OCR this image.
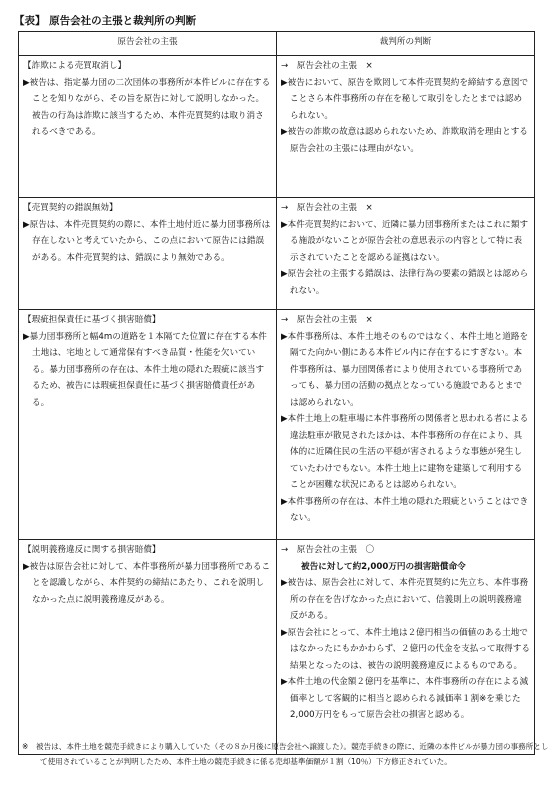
【表】 原告会社の主張と裁判所の判断
原告会社の主張	裁判所の判断

【詐欺による売買取消し】
▶被告は、指定暴力団の二次団体の事務所が本件ビルに存在することを知りながら、その旨を原告に対して説明しなかった。被告の行為は詐欺に該当するため、本件売買契約は取り消されるべきである。	→　原告会社の主張　×
▶被告において、原告を欺罔して本件売買契約を締結する意図でことさら本件事務所の存在を秘して取引をしたとまでは認められない。
▶被告の詐欺の故意は認められないため、詐欺取消を理由とする原告会社の主張には理由がない。

【売買契約の錯誤無効】
▶原告は、本件売買契約の際に、本件土地付近に暴力団事務所は存在しないと考えていたから、この点において原告には錯誤がある。本件売買契約は、錯誤により無効である。	→　原告会社の主張　×
▶本件売買契約において、近隣に暴力団事務所またはこれに類する施設がないことが原告会社の意思表示の内容として特に表示されていたことを認める証拠はない。
▶原告会社の主張する錯誤は、法律行為の要素の錯誤とは認められない。

【瑕疵担保責任に基づく損害賠償】
▶暴力団事務所と幅4mの道路を１本隔てた位置に存在する本件土地は、宅地として通常保有すべき品質・性能を欠いている。暴力団事務所の存在は、本件土地の隠れた瑕疵に該当するため、被告には瑕疵担保責任に基づく損害賠償責任がある。	→　原告会社の主張　×
▶本件事務所は、本件土地そのものではなく、本件土地と道路を隔てた向かい側にある本件ビル内に存在するにすぎない。本件事務所は、暴力団関係者により使用されている事務所であっても、暴力団の活動の拠点となっている施設であるとまでは認められない。
▶本件土地上の駐車場に本件事務所の関係者と思われる者による違法駐車が散見されたほかは、本件事務所の存在により、具体的に近隣住民の生活の平穏が害されるような事態が発生していたわけでもない。本件土地上に建物を建築して利用することが困難な状況にあるとは認められない。
▶本件事務所の存在は、本件土地の隠れた瑕疵ということはできない。

【説明義務違反に関する損害賠償】
▶被告は原告会社に対して、本件事務所が暴力団事務所であることを認識しながら、本件契約の締結にあたり、これを説明しなかった点に説明義務違反がある。	→　原告会社の主張　〇
被告に対して約2,000万円の損害賠償命令
▶被告は、原告会社に対して、本件売買契約に先立ち、本件事務所の存在を告げなかった点において、信義則上の説明義務違反がある。
▶原告会社にとって、本件土地は２億円相当の価値のある土地ではなかったにもかかわらず、２億円の代金を支払って取得する結果となったのは、被告の説明義務違反によるものである。
▶本件土地の代金額２億円を基準に、本件事務所の存在による減価率として客観的に相当と認められる減価率１割※を乗じた2,000万円をもって原告会社の損害と認める。
※　被告は、本件土地を競売手続きにより購入していた（その８か月後に原告会社へ譲渡した）。競売手続きの際に、近隣の本件ビルが暴力団の事務所として使用されていることが判明したため、本件土地の競売手続きに係る売却基準価額が１割（10％）下方修正されていた。
